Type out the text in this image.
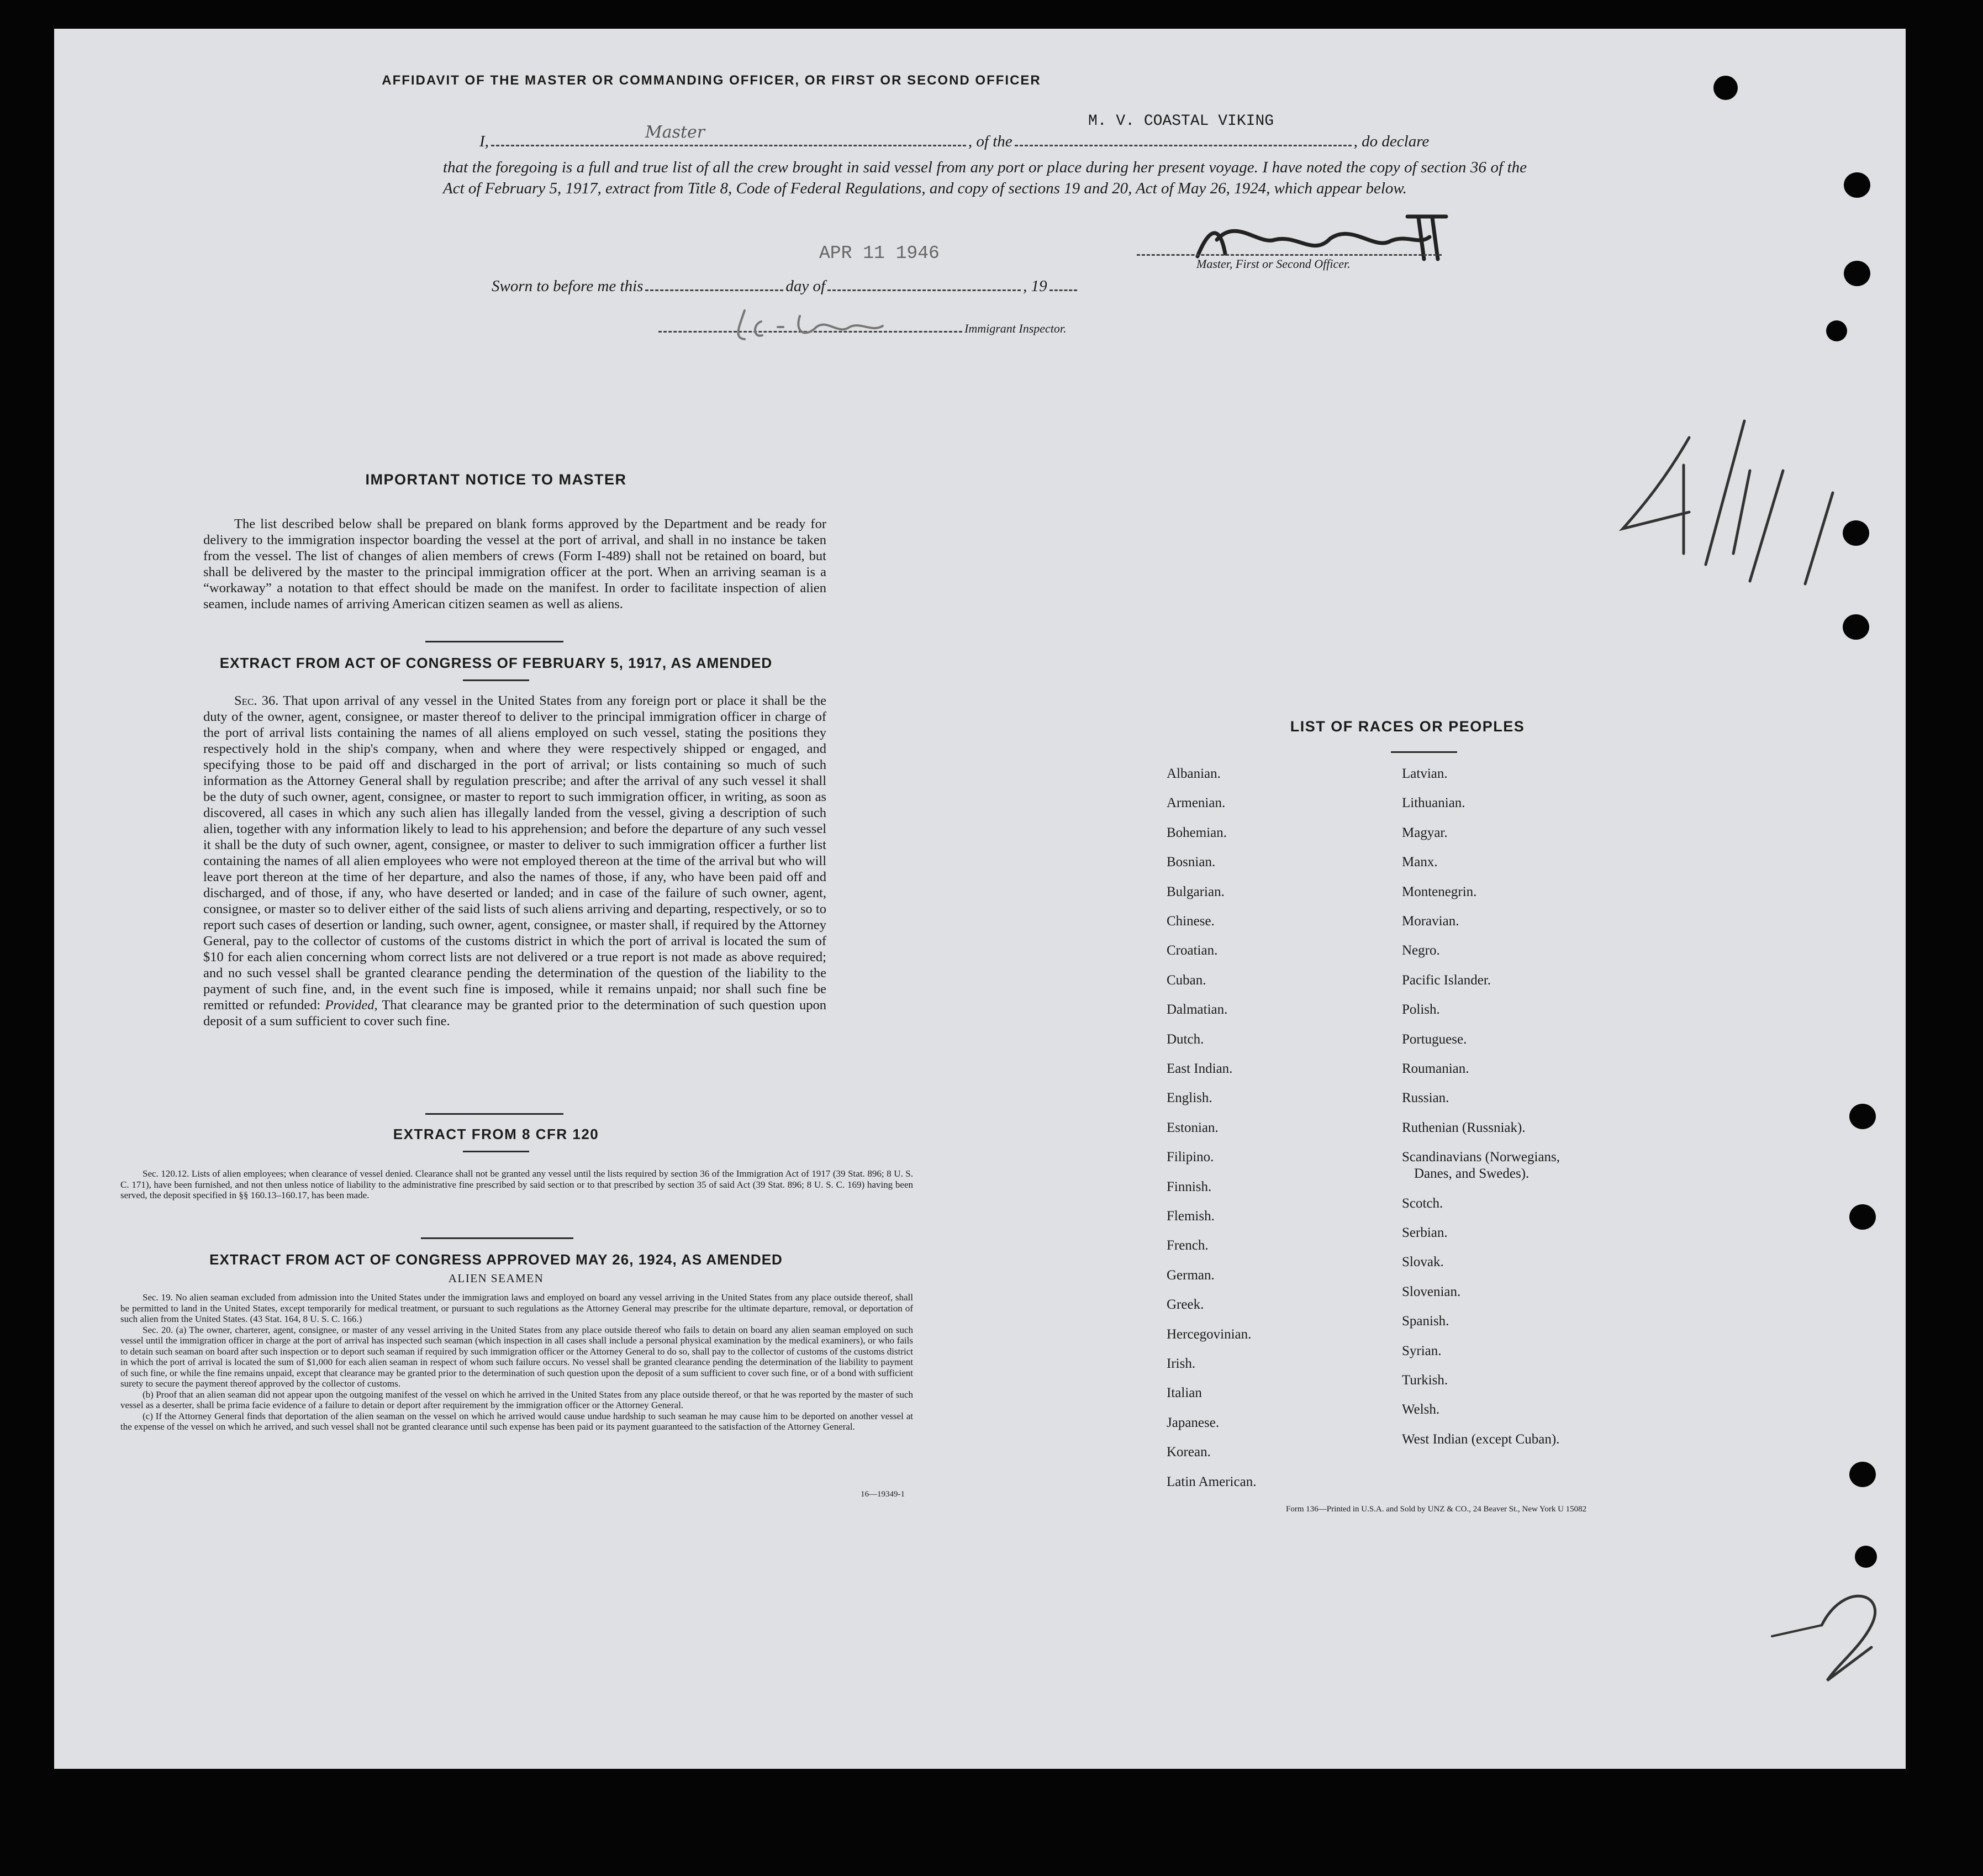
AFFIDAVIT OF THE MASTER OR COMMANDING OFFICER, OR FIRST OR SECOND OFFICER
I,	, of the	, do declare
M. V. COASTAL VIKING
Master
that the foregoing is a full and true list of all the crew brought in said vessel from any port or place during her present voyage. I have noted the copy of section 36 of the Act of February 5, 1917, extract from Title 8, Code of Federal Regulations, and copy of sections 19 and 20, Act of May 26, 1924, which appear below.
APR 11 1946
Master, First or Second Officer.
Sworn to before me this	day of	, 19
Immigrant Inspector.
IMPORTANT NOTICE TO MASTER
The list described below shall be prepared on blank forms approved by the Department and be ready for delivery to the immigration inspector boarding the vessel at the port of arrival, and shall in no instance be taken from the vessel. The list of changes of alien members of crews (Form I-489) shall not be retained on board, but shall be delivered by the master to the principal immigration officer at the port. When an arriving seaman is a “workaway” a notation to that effect should be made on the manifest. In order to facilitate inspection of alien seamen, include names of arriving American citizen seamen as well as aliens.
EXTRACT FROM ACT OF CONGRESS OF FEBRUARY 5, 1917, AS AMENDED
Sec. 36. That upon arrival of any vessel in the United States from any foreign port or place it shall be the duty of the owner, agent, consignee, or master thereof to deliver to the principal immigration officer in charge of the port of arrival lists containing the names of all aliens employed on such vessel, stating the positions they respectively hold in the ship's company, when and where they were respectively shipped or engaged, and specifying those to be paid off and discharged in the port of arrival; or lists containing so much of such information as the Attorney General shall by regulation prescribe; and after the arrival of any such vessel it shall be the duty of such owner, agent, consignee, or master to report to such immigration officer, in writing, as soon as discovered, all cases in which any such alien has illegally landed from the vessel, giving a description of such alien, together with any information likely to lead to his apprehension; and before the departure of any such vessel it shall be the duty of such owner, agent, consignee, or master to deliver to such immigration officer a further list containing the names of all alien employees who were not employed thereon at the time of the arrival but who will leave port thereon at the time of her departure, and also the names of those, if any, who have been paid off and discharged, and of those, if any, who have deserted or landed; and in case of the failure of such owner, agent, consignee, or master so to deliver either of the said lists of such aliens arriving and departing, respectively, or so to report such cases of desertion or landing, such owner, agent, consignee, or master shall, if required by the Attorney General, pay to the collector of customs of the customs district in which the port of arrival is located the sum of $10 for each alien concerning whom correct lists are not delivered or a true report is not made as above required; and no such vessel shall be granted clearance pending the determination of the question of the liability to the payment of such fine, and, in the event such fine is imposed, while it remains unpaid; nor shall such fine be remitted or refunded: Provided, That clearance may be granted prior to the determination of such question upon deposit of a sum sufficient to cover such fine.
EXTRACT FROM 8 CFR 120

Sec. 120.12. Lists of alien employees; when clearance of vessel denied. Clearance shall not be granted any vessel until the lists required by section 36 of the Immigration Act of 1917 (39 Stat. 896; 8 U. S. C. 171), have been furnished, and not then unless notice of liability to the administrative fine prescribed by said section or to that prescribed by section 35 of said Act (39 Stat. 896; 8 U. S. C. 169) having been served, the deposit specified in §§ 160.13–160.17, has been made.

EXTRACT FROM ACT OF CONGRESS APPROVED MAY 26, 1924, AS AMENDED
ALIEN SEAMEN

Sec. 19. No alien seaman excluded from admission into the United States under the immigration laws and employed on board any vessel arriving in the United States from any place outside thereof, shall be permitted to land in the United States, except temporarily for medical treatment, or pursuant to such regulations as the Attorney General may prescribe for the ultimate departure, removal, or deportation of such alien from the United States. (43 Stat. 164, 8 U. S. C. 166.)

Sec. 20. (a) The owner, charterer, agent, consignee, or master of any vessel arriving in the United States from any place outside thereof who fails to detain on board any alien seaman employed on such vessel until the immigration officer in charge at the port of arrival has inspected such seaman (which inspection in all cases shall include a personal physical examination by the medical examiners), or who fails to detain such seaman on board after such inspection or to deport such seaman if required by such immigration officer or the Attorney General to do so, shall pay to the collector of customs of the customs district in which the port of arrival is located the sum of $1,000 for each alien seaman in respect of whom such failure occurs. No vessel shall be granted clearance pending the determination of the liability to payment of such fine, or while the fine remains unpaid, except that clearance may be granted prior to the determination of such question upon the deposit of a sum sufficient to cover such fine, or of a bond with sufficient surety to secure the payment thereof approved by the collector of customs.

(b) Proof that an alien seaman did not appear upon the outgoing manifest of the vessel on which he arrived in the United States from any place outside thereof, or that he was reported by the master of such vessel as a deserter, shall be prima facie evidence of a failure to detain or deport after requirement by the immigration officer or the Attorney General.

(c) If the Attorney General finds that deportation of the alien seaman on the vessel on which he arrived would cause undue hardship to such seaman he may cause him to be deported on another vessel at the expense of the vessel on which he arrived, and such vessel shall not be granted clearance until such expense has been paid or its payment guaranteed to the satisfaction of the Attorney General.

16—19349-1
LIST OF RACES OR PEOPLES
Albanian.
Armenian.
Bohemian.
Bosnian.
Bulgarian.
Chinese.
Croatian.
Cuban.
Dalmatian.
Dutch.
East Indian.
English.
Estonian.
Filipino.
Finnish.
Flemish.
French.
German.
Greek.
Hercegovinian.
Irish.
Italian
Japanese.
Korean.
Latin American.
Latvian.
Lithuanian.
Magyar.
Manx.
Montenegrin.
Moravian.
Negro.
Pacific Islander.
Polish.
Portuguese.
Roumanian.
Russian.
Ruthenian (Russniak).
Scandinavians (Norwegians,
Danes, and Swedes).
Scotch.
Serbian.
Slovak.
Slovenian.
Spanish.
Syrian.
Turkish.
Welsh.
West Indian (except Cuban).
Form 136—Printed in U.S.A. and Sold by UNZ & CO., 24 Beaver St., New York U 15082
